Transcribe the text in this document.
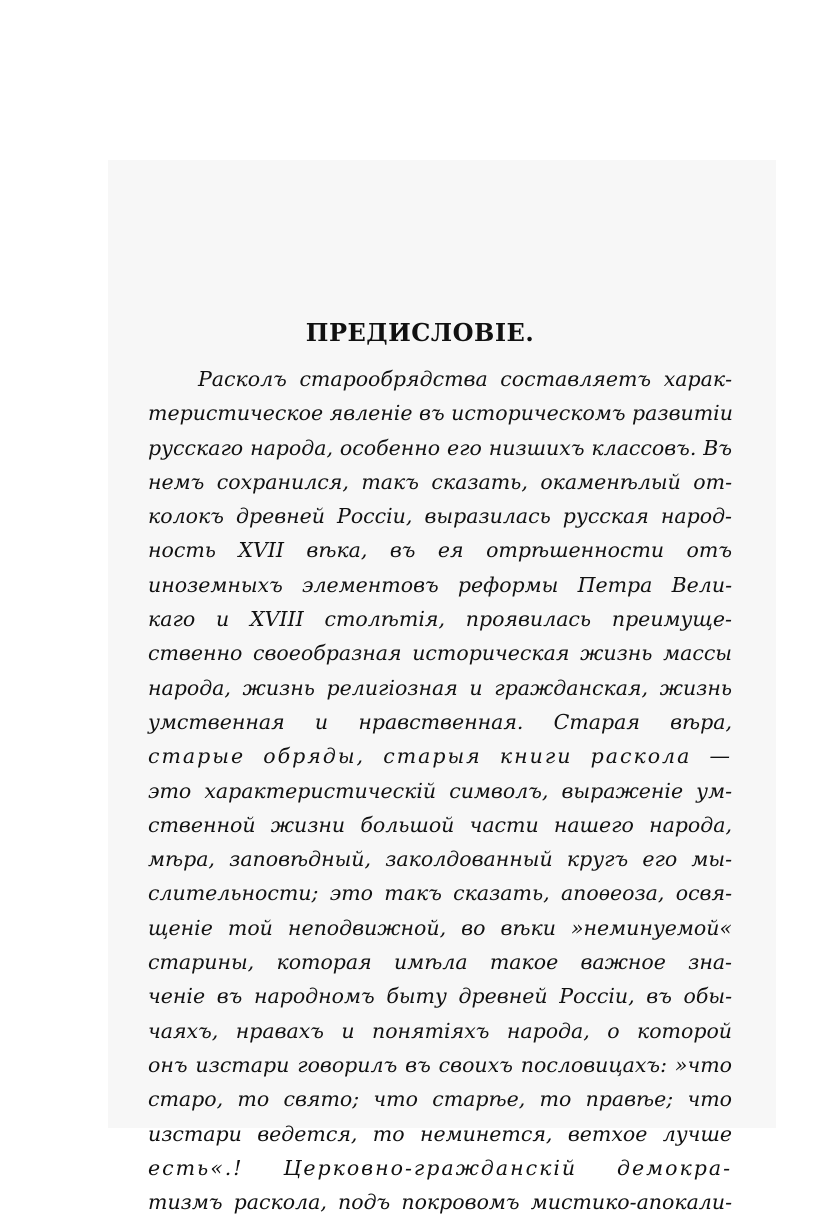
ПРЕДИСЛОВІЕ.
Расколъ старообрядства составляетъ харак-
теристическое явленіе въ историческомъ развитіи
русскаго народа, особенно его низшихъ классовъ. Въ
немъ сохранился, такъ сказать, окаменѣлый от-
колокъ древней Россіи, выразилась русская народ-
ность XVII вѣка, въ ея отрѣшенности отъ
иноземныхъ элементовъ реформы Петра Вели-
каго и XVIII столѣтія, проявилась преимуще-
ственно своеобразная историческая жизнь массы
народа, жизнь религіозная и гражданская, жизнь
умственная и нравственная. Старая вѣра,
старые обряды, старыя книги раскола —
это характеристическій символъ, выраженіе ум-
ственной жизни большой части нашего народа,
мѣра, заповѣдный, заколдованный кругъ его мы-
слительности; это такъ сказать, апоѳеоза, освя-
щеніе той неподвижной, во вѣки »неминуемой«
старины, которая имѣла такое важное зна-
ченіе въ народномъ быту древней Россіи, въ обы-
чаяхъ, нравахъ и понятіяхъ народа, о которой
онъ изстари говорилъ въ своихъ пословицахъ: »что
старо, то свято; что старѣе, то правѣе; что
изстари ведется, то неминется, ветхое лучше
есть«.! Церковно-гражданскій демокра-
тизмъ раскола, подъ покровомъ мистико-апокали-
